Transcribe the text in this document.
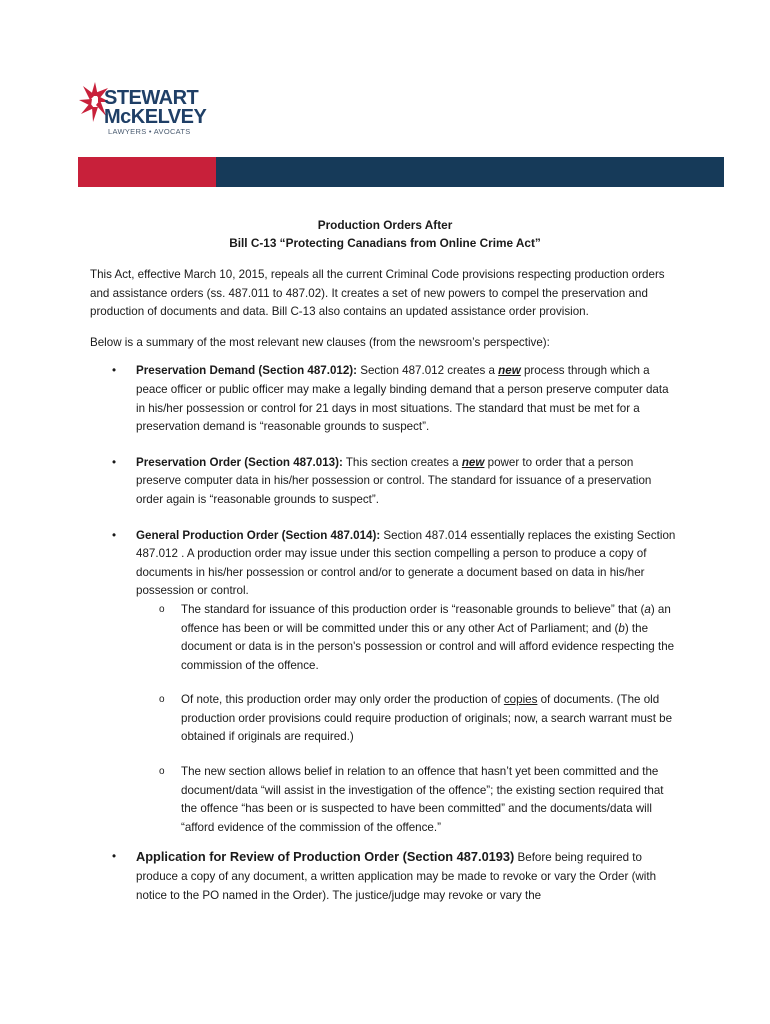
STEWART
McKELVEY
LAWYERS • AVOCATS
Production Orders After
Bill C-13 “Protecting Canadians from Online Crime Act”

This Act, effective March 10, 2015, repeals all the current Criminal Code provisions respecting production orders and assistance orders (ss. 487.011 to 487.02). It creates a set of new powers to compel the preservation and production of documents and data. Bill C-13 also contains an updated assistance order provision.

Below is a summary of the most relevant new clauses (from the newsroom’s perspective):

• Preservation Demand (Section 487.012): Section 487.012 creates a new process through which a peace officer or public officer may make a legally binding demand that a person preserve computer data in his/her possession or control for 21 days in most situations. The standard that must be met for a preservation demand is “reasonable grounds to suspect”.
• Preservation Order (Section 487.013): This section creates a new power to order that a person preserve computer data in his/her possession or control. The standard for issuance of a preservation order again is “reasonable grounds to suspect”.
• General Production Order (Section 487.014): Section 487.014 essentially replaces the existing Section 487.012 . A production order may issue under this section compelling a person to produce a copy of documents in his/her possession or control and/or to generate a document based on data in his/her possession or control.
o The standard for issuance of this production order is “reasonable grounds to believe” that (a) an offence has been or will be committed under this or any other Act of Parliament; and (b) the document or data is in the person's possession or control and will afford evidence respecting the commission of the offence.
o Of note, this production order may only order the production of copies of documents. (The old production order provisions could require production of originals; now, a search warrant must be obtained if originals are required.)
o The new section allows belief in relation to an offence that hasn’t yet been committed and the document/data “will assist in the investigation of the offence”; the existing section required that the offence “has been or is suspected to have been committed” and the documents/data will “afford evidence of the commission of the offence.”
• Application for Review of Production Order (Section 487.0193) Before being required to produce a copy of any document, a written application may be made to revoke or vary the Order (with notice to the PO named in the Order). The justice/judge may revoke or vary the
